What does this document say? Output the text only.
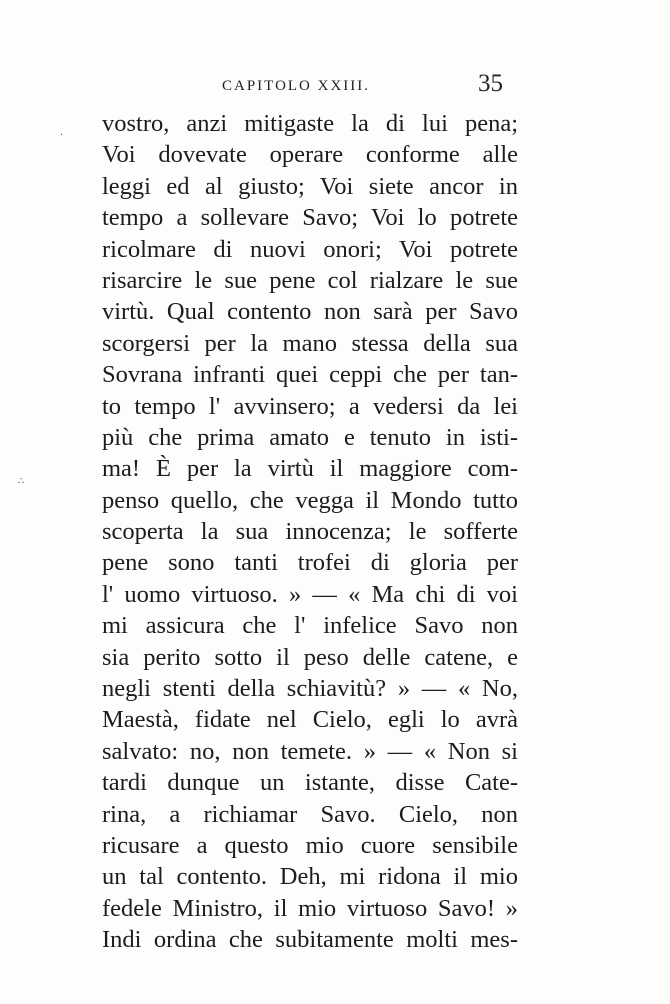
CAPITOLO XXIII.	35
·
∴
vostro, anzi mitigaste la di lui pena;
Voi dovevate operare conforme alle
leggi ed al giusto; Voi siete ancor in
tempo a sollevare Savo; Voi lo potrete
ricolmare di nuovi onori; Voi potrete
risarcire le sue pene col rialzare le sue
virtù. Qual contento non sarà per Savo
scorgersi per la mano stessa della sua
Sovrana infranti quei ceppi che per tan-
to tempo l' avvinsero; a vedersi da lei
più che prima amato e tenuto in isti-
ma! È per la virtù il maggiore com-
penso quello, che vegga il Mondo tutto
scoperta la sua innocenza; le sofferte
pene sono tanti trofei di gloria per
l' uomo virtuoso. » — « Ma chi di voi
mi assicura che l' infelice Savo non
sia perito sotto il peso delle catene, e
negli stenti della schiavitù? » — « No,
Maestà, fidate nel Cielo, egli lo avrà
salvato: no, non temete. » — « Non si
tardi dunque un istante, disse Cate-
rina, a richiamar Savo. Cielo, non
ricusare a questo mio cuore sensibile
un tal contento. Deh, mi ridona il mio
fedele Ministro, il mio virtuoso Savo! »
Indi ordina che subitamente molti mes-
